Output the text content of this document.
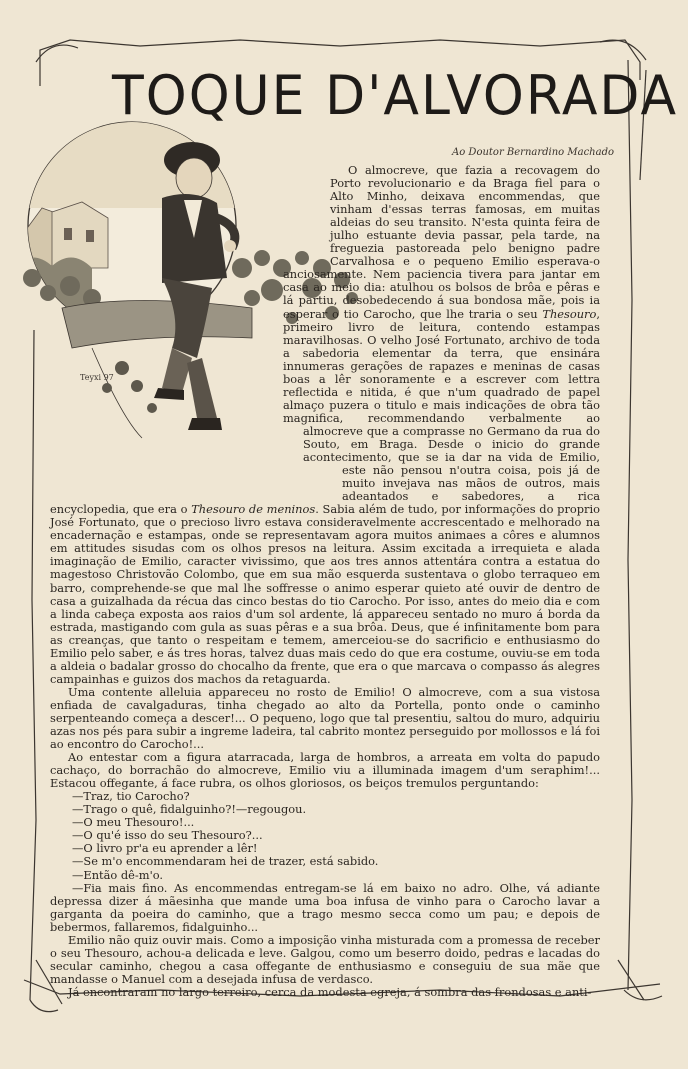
TOQUE D'ALVORADA
Ao Doutor Bernardino Machado
Teyxi 97

O almocreve, que fazia a recovagem do Porto revolucionario e da Braga fiel para o Alto Minho, deixava encommendas, que vinham d'essas terras famosas, em muitas aldeias do seu transito. N'esta quinta feira de julho estuante devia passar, pela tarde, na freguezia pastoreada pelo benigno padre Carvalhosa e o pequeno Emilio esperava-o anciosamente. Nem paciencia tivera para jantar em casa ao meio dia: atulhou os bolsos de brôa e pêras e lá partiu, desobedecendo á sua bondosa mãe, pois ia esperar o tio Carocho, que lhe traria o seu Thesouro, primeiro livro de leitura, contendo estampas maravilhosas. O velho José Fortunato, archivo de toda a sabedoria elementar da terra, que ensinára innumeras gerações de rapazes e meninas de casas boas a lêr sonoramente e a escrever com lettra reflectida e nitida, é que n'um quadrado de papel almaço puzera o titulo e mais indicações de obra tão magnifica, recommendando verbalmente ao almocreve que a comprasse no Germano da rua do Souto, em Braga. Desde o inicio do grande acontecimento, que se ia dar na vida de Emilio, este não pensou n'outra coisa, pois já de muito invejava nas mãos de outros, mais adeantados e sabedores, a rica encyclopedia, que era o Thesouro de meninos. Sabia além de tudo, por informações do proprio José Fortunato, que o precioso livro estava consideravelmente accrescentado e melhorado na encadernação e estampas, onde se representavam agora muitos animaes a côres e alumnos em attitudes sisudas com os olhos presos na leitura. Assim excitada a irrequieta e alada imaginação de Emilio, caracter vivissimo, que aos tres annos attentára contra a estatua do magestoso Christovão Colombo, que em sua mão esquerda sustentava o globo terraqueo em barro, comprehende-se que mal lhe soffresse o animo esperar quieto até ouvir de dentro de casa a guizalhada da récua das cinco bestas do tio Carocho. Por isso, antes do meio dia e com a linda cabeça exposta aos raios d'um sol ardente, lá appareceu sentado no muro á borda da estrada, mastigando com gula as suas pêras e a sua brôa. Deus, que é infinitamente bom para as creanças, que tanto o respeitam e temem, amerceiou-se do sacrificio e enthusiasmo do Emilio pelo saber, e ás tres horas, talvez duas mais cedo do que era costume, ouviu-se em toda a aldeia o badalar grosso do chocalho da frente, que era o que marcava o compasso ás alegres campainhas e guizos dos machos da retaguarda.

Uma contente alleluia appareceu no rosto de Emilio! O almocreve, com a sua vistosa enfiada de cavalgaduras, tinha chegado ao alto da Portella, ponto onde o caminho serpenteando começa a descer!... O pequeno, logo que tal presentiu, saltou do muro, adquiriu azas nos pés para subir a ingreme ladeira, tal cabrito montez perseguido por mollossos e lá foi ao encontro do Carocho!...

Ao entestar com a figura atarracada, larga de hombros, a arreata em volta do papudo cachaço, do borrachão do almocreve, Emilio viu a illuminada imagem d'um seraphim!... Estacou offegante, á face rubra, os olhos gloriosos, os beiços tremulos perguntando:

—Traz, tio Carocho?

—Trago o quê, fidalguinho?!—regougou.

—O meu Thesouro!...

—O qu'é isso do seu Thesouro?...

—O livro pr'a eu aprender a lêr!

—Se m'o encommendaram hei de trazer, está sabido.

—Então dê-m'o.

—Fia mais fino. As encommendas entregam-se lá em baixo no adro. Olhe, vá adiante depressa dizer á mãesinha que mande uma boa infusa de vinho para o Carocho lavar a garganta da poeira do caminho, que a trago mesmo secca como um pau; e depois de bebermos, fallaremos, fidalguinho...

Emilio não quiz ouvir mais. Como a imposição vinha misturada com a promessa de receber o seu Thesouro, achou-a delicada e leve. Galgou, como um beserro doido, pedras e lacadas do secular caminho, chegou a casa offegante de enthusiasmo e conseguiu de sua mãe que mandasse o Manuel com a desejada infusa de verdasco.

Já encontraram no largo terreiro, cerca da modesta egreja, á sombra das frondosas e anti-
